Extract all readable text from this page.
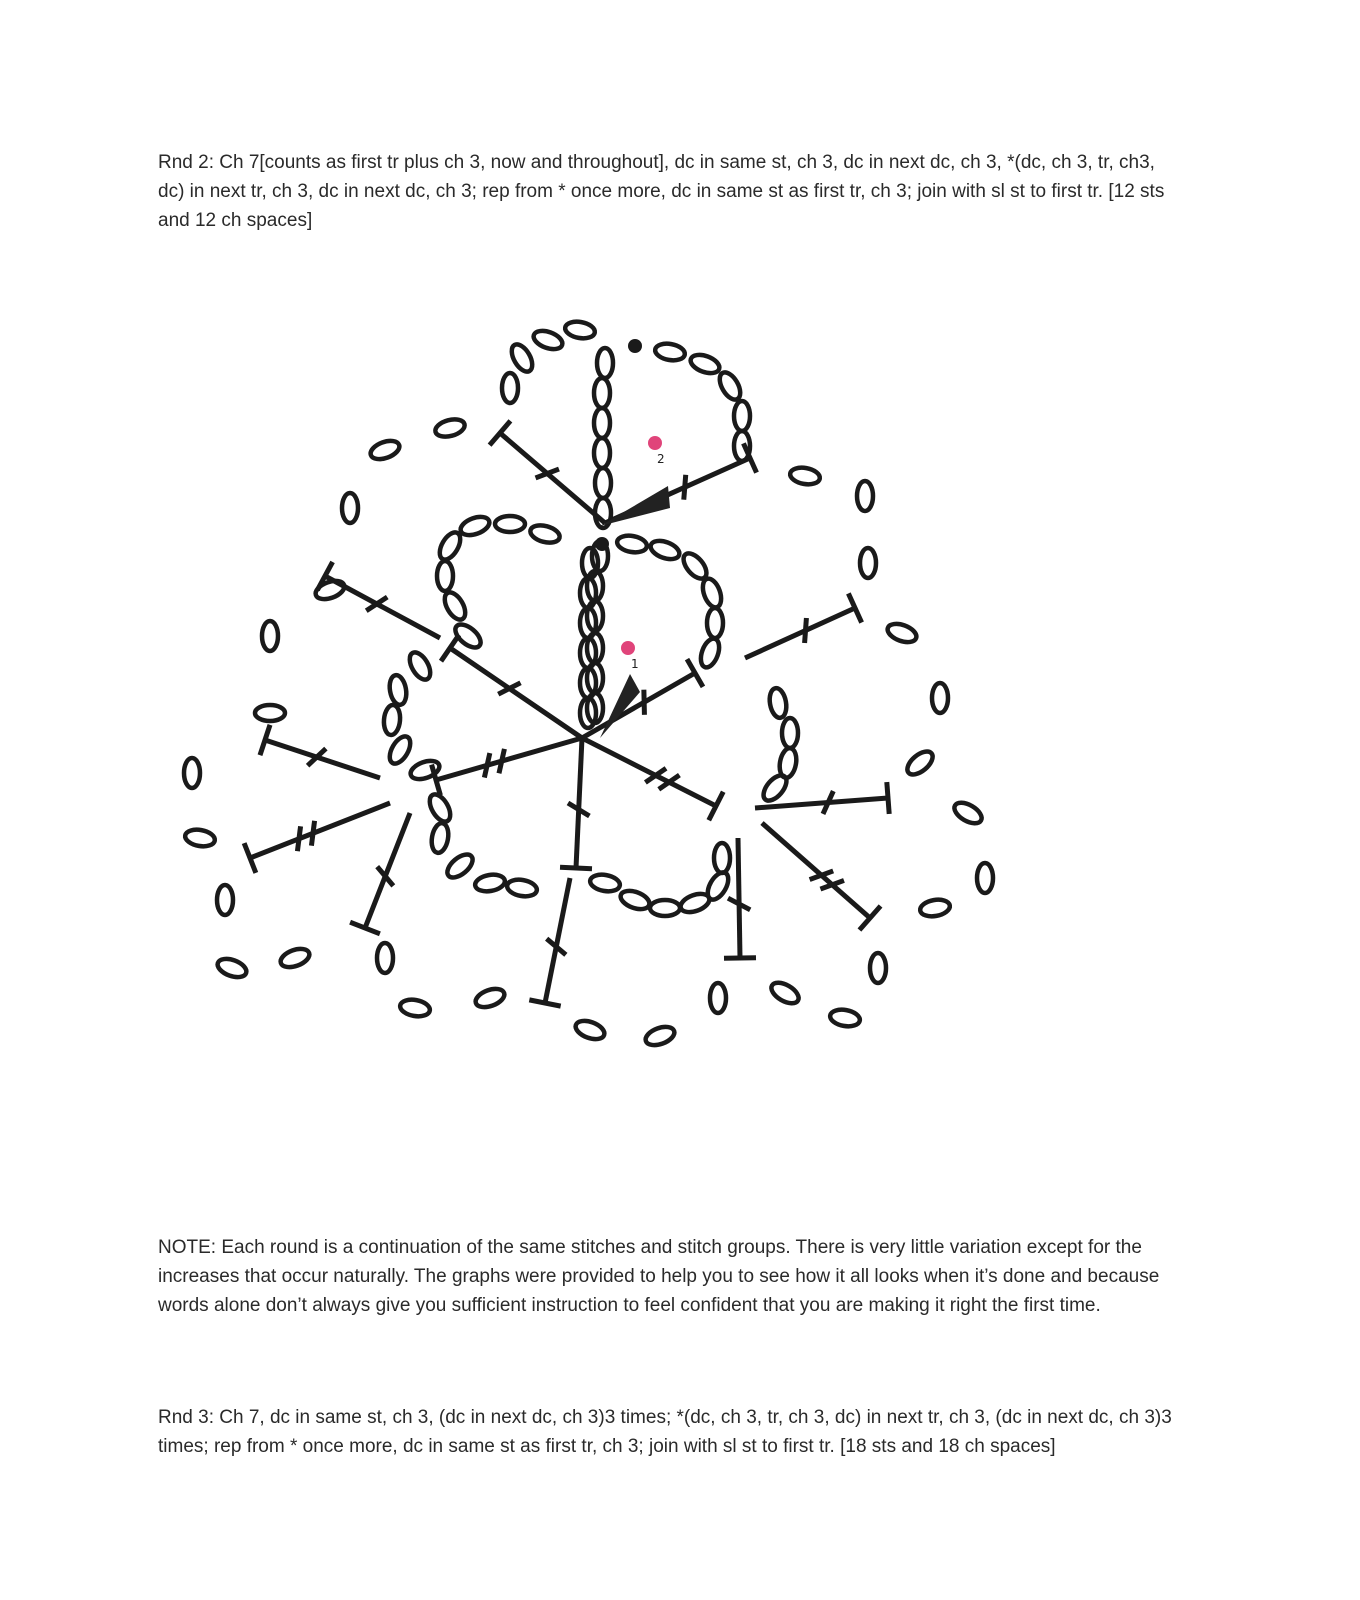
Rnd 2: Ch 7[counts as first tr plus ch 3, now and throughout], dc in same st, ch 3, dc in next dc, ch 3, *(dc, ch 3, tr, ch3, dc) in next tr, ch 3, dc in next dc, ch 3; rep from * once more, dc in same st as first tr, ch 3; join with sl st to first tr. [12 sts and 12 ch spaces]

2
1

NOTE: Each round is a continuation of the same stitches and stitch groups. There is very little variation except for the increases that occur naturally. The graphs were provided to help you to see how it all looks when it’s done and because words alone don’t always give you sufficient instruction to feel confident that you are making it right the first time.

Rnd 3: Ch 7, dc in same st, ch 3, (dc in next dc, ch 3)3 times; *(dc, ch 3, tr, ch 3, dc) in next tr, ch 3, (dc in next dc, ch 3)3 times; rep from * once more, dc in same st as first tr, ch 3; join with sl st to first tr. [18 sts and 18 ch spaces]
